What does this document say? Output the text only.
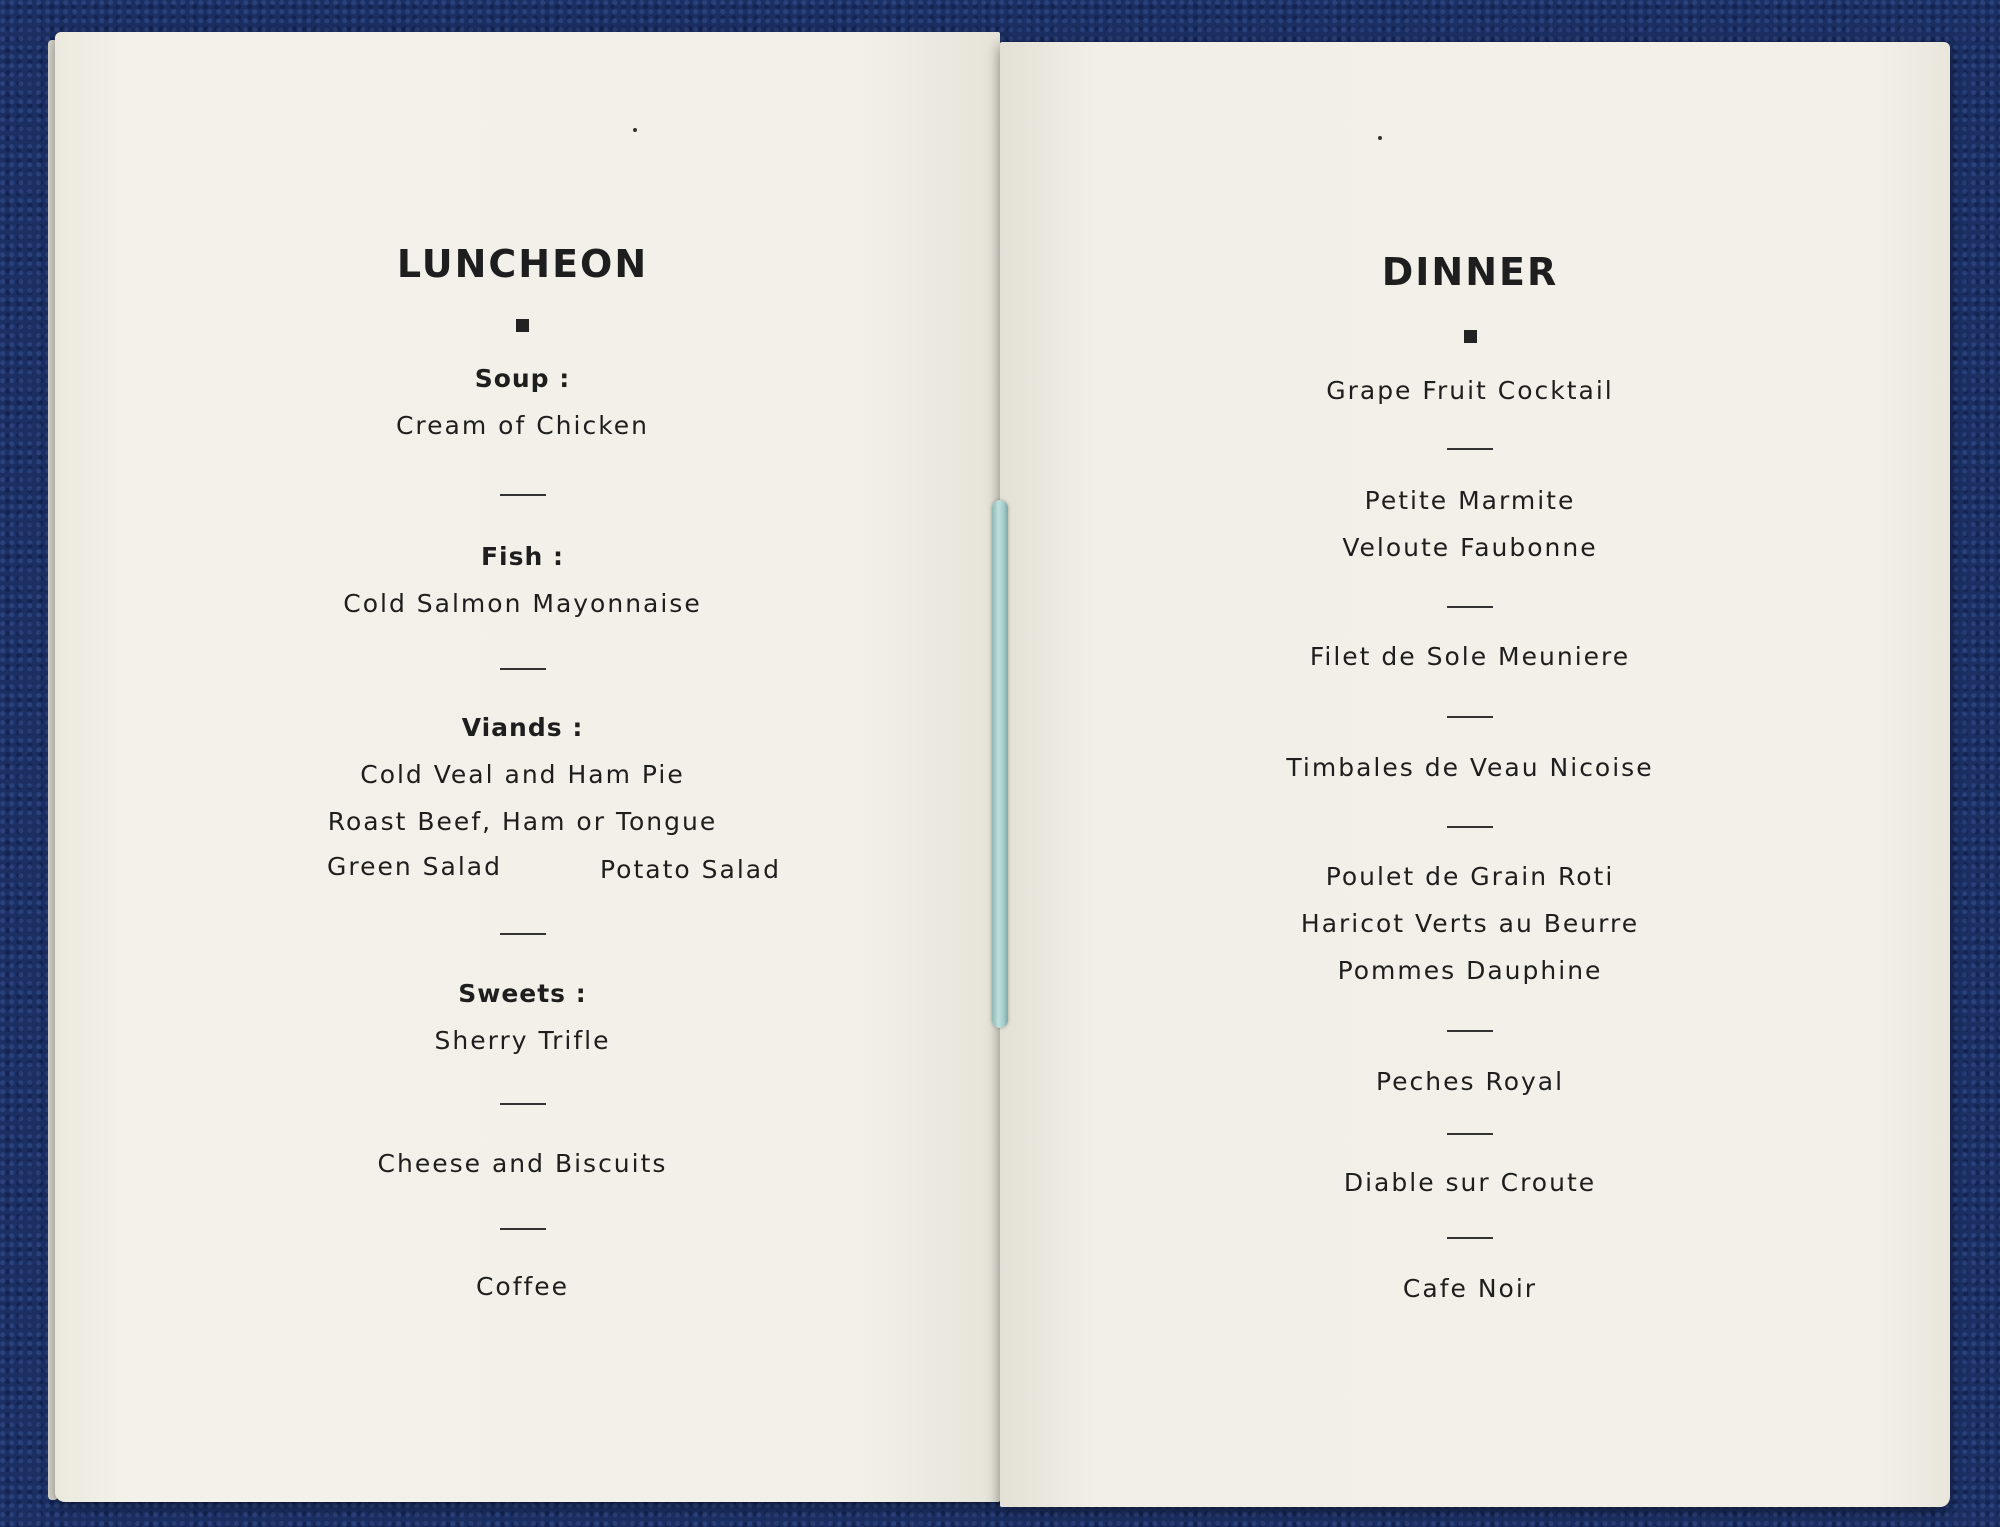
LUNCHEON
Soup :
Cream of Chicken
Fish :
Cold Salmon Mayonnaise
Viands :
Cold Veal and Ham Pie
Roast Beef, Ham or Tongue
Green Salad	Potato Salad
Sweets :
Sherry Trifle
Cheese and Biscuits
Coffee
DINNER
Grape Fruit Cocktail
Petite Marmite
Veloute Faubonne
Filet de Sole Meuniere
Timbales de Veau Nicoise
Poulet de Grain Roti
Haricot Verts au Beurre
Pommes Dauphine
Peches Royal
Diable sur Croute
Cafe Noir
